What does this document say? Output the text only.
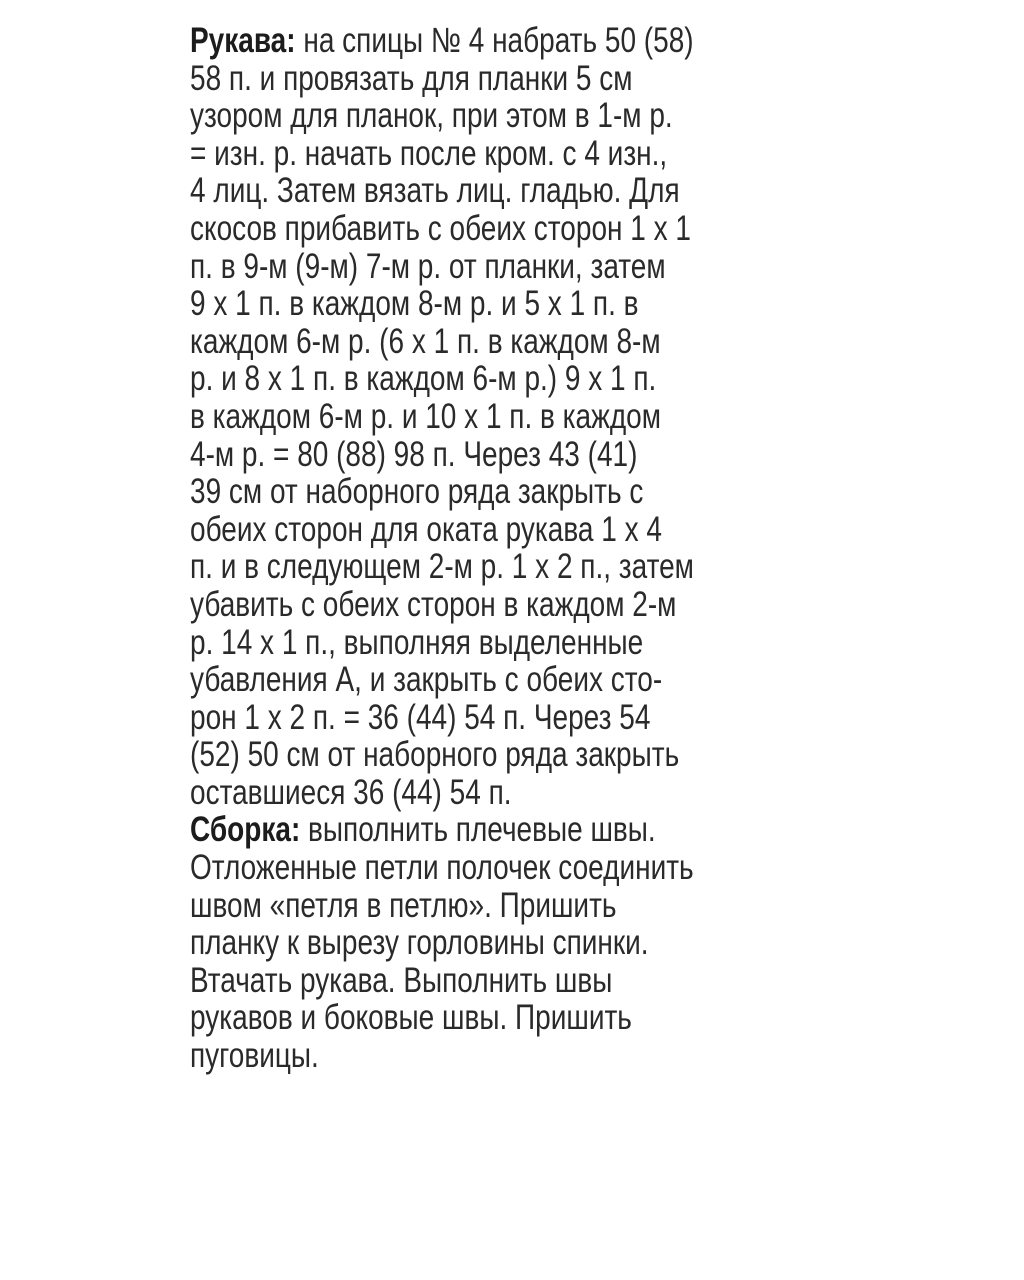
Рукава: на спицы № 4 набрать 50 (58)
58 п. и провязать для планки 5 см
узором для планок, при этом в 1-м р.
= изн. р. начать после кром. с 4 изн.,
4 лиц. Затем вязать лиц. гладью. Для
скосов прибавить с обеих сторон 1 х 1
п. в 9-м (9-м) 7-м р. от планки, затем
9 х 1 п. в каждом 8-м р. и 5 х 1 п. в
каждом 6-м р. (6 х 1 п. в каждом 8-м
р. и 8 х 1 п. в каждом 6-м р.) 9 х 1 п.
в каждом 6-м р. и 10 х 1 п. в каждом
4-м р. = 80 (88) 98 п. Через 43 (41)
39 см от наборного ряда закрыть с
обеих сторон для оката рукава 1 х 4
п. и в следующем 2-м р. 1 х 2 п., затем
убавить с обеих сторон в каждом 2-м
р. 14 х 1 п., выполняя выделенные
убавления А, и закрыть с обеих сто-
рон 1 х 2 п. = 36 (44) 54 п. Через 54
(52) 50 см от наборного ряда закрыть
оставшиеся 36 (44) 54 п.
Сборка: выполнить плечевые швы.
Отложенные петли полочек соединить
швом «петля в петлю». Пришить
планку к вырезу горловины спинки.
Втачать рукава. Выполнить швы
рукавов и боковые швы. Пришить
пуговицы.
